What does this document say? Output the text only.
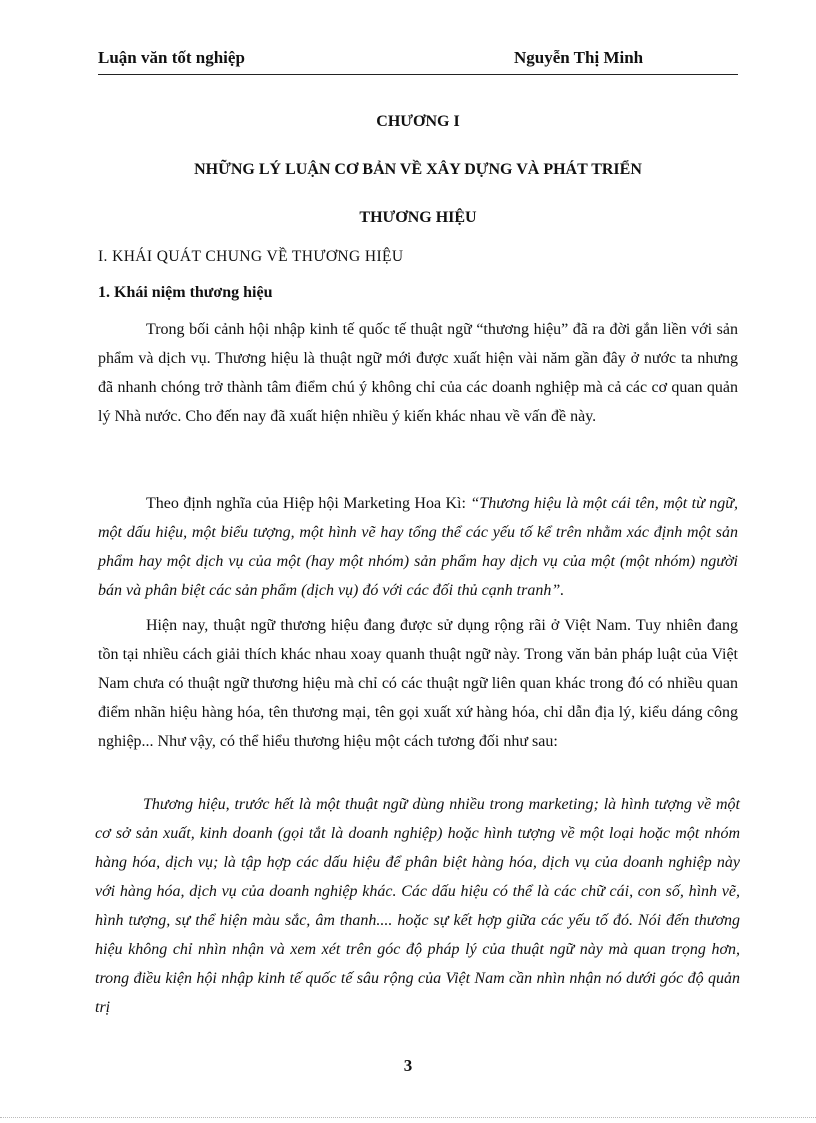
Luận văn tốt nghiệp	Nguyễn Thị Minh
CHƯƠNG I
NHỮNG LÝ LUẬN CƠ BẢN VỀ XÂY DỰNG VÀ PHÁT TRIỂN
THƯƠNG HIỆU
I. KHÁI QUÁT CHUNG VỀ THƯƠNG HIỆU
1. Khái niệm thương hiệu

Trong bối cảnh hội nhập kinh tế quốc tế thuật ngữ “thương hiệu” đã ra đời gắn liền với sản phẩm và dịch vụ. Thương hiệu là thuật ngữ mới được xuất hiện vài năm gần đây ở nước ta nhưng đã nhanh chóng trở thành tâm điểm chú ý không chỉ của các doanh nghiệp mà cả các cơ quan quản lý Nhà nước. Cho đến nay đã xuất hiện nhiều ý kiến khác nhau về vấn đề này.

Theo định nghĩa của Hiệp hội Marketing Hoa Kì: “Thương hiệu là một cái tên, một từ ngữ, một dấu hiệu, một biểu tượng, một hình vẽ hay tổng thể các yếu tố kể trên nhằm xác định một sản phẩm hay một dịch vụ của một (hay một nhóm) sản phẩm hay dịch vụ của một (một nhóm) người bán và phân biệt các sản phẩm (dịch vụ) đó với các đối thủ cạnh tranh”.

Hiện nay, thuật ngữ thương hiệu đang được sử dụng rộng rãi ở Việt Nam. Tuy nhiên đang tồn tại nhiều cách giải thích khác nhau xoay quanh thuật ngữ này. Trong văn bản pháp luật của Việt Nam chưa có thuật ngữ thương hiệu mà chỉ có các thuật ngữ liên quan khác trong đó có nhiều quan điểm nhãn hiệu hàng hóa, tên thương mại, tên gọi xuất xứ hàng hóa, chỉ dẫn địa lý, kiểu dáng công nghiệp... Như vậy, có thể hiểu thương hiệu một cách tương đối như sau:

Thương hiệu, trước hết là một thuật ngữ dùng nhiều trong marketing; là hình tượng về một cơ sở sản xuất, kinh doanh (gọi tắt là doanh nghiệp) hoặc hình tượng về một loại hoặc một nhóm hàng hóa, dịch vụ; là tập hợp các dấu hiệu để phân biệt hàng hóa, dịch vụ của doanh nghiệp này với hàng hóa, dịch vụ của doanh nghiệp khác. Các dấu hiệu có thể là các chữ cái, con số, hình vẽ, hình tượng, sự thể hiện màu sắc, âm thanh.... hoặc sự kết hợp giữa các yếu tố đó. Nói đến thương hiệu không chỉ nhìn nhận và xem xét trên góc độ pháp lý của thuật ngữ này mà quan trọng hơn, trong điều kiện hội nhập kinh tế quốc tế sâu rộng của Việt Nam cần nhìn nhận nó dưới góc độ quản trị

3
